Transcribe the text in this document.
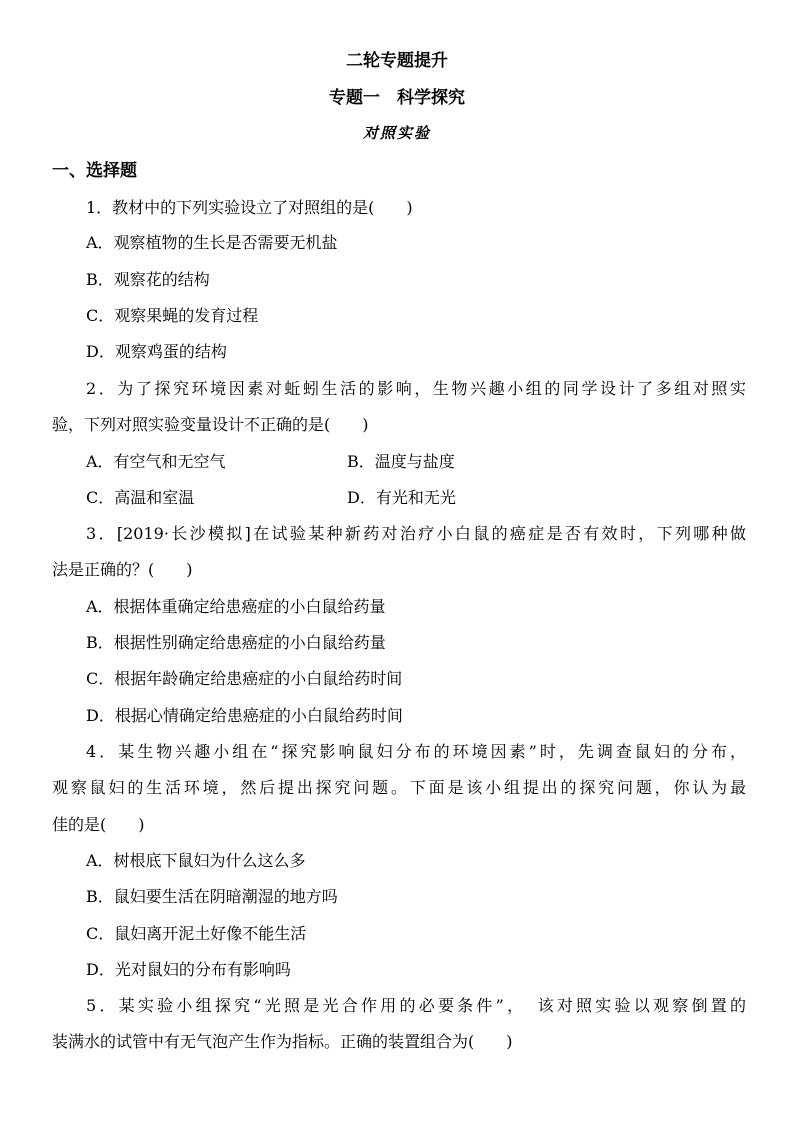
二轮专题提升
专题一　科学探究
对照实验
一、选择题
1．教材中的下列实验设立了对照组的是(　　)
A．观察植物的生长是否需要无机盐
B．观察花的结构
C．观察果蝇的发育过程
D．观察鸡蛋的结构
2．为了探究环境因素对蚯蚓生活的影响，生物兴趣小组的同学设计了多组对照实
验，下列对照实验变量设计不正确的是(　　)
A．有空气和无空气	B．温度与盐度
C．高温和室温	D．有光和无光
3．[2019·长沙模拟]在试验某种新药对治疗小白鼠的癌症是否有效时，下列哪种做
法是正确的？(　　)
A．根据体重确定给患癌症的小白鼠给药量
B．根据性别确定给患癌症的小白鼠给药量
C．根据年龄确定给患癌症的小白鼠给药时间
D．根据心情确定给患癌症的小白鼠给药时间
4．某生物兴趣小组在“探究影响鼠妇分布的环境因素”时，先调查鼠妇的分布，
观察鼠妇的生活环境，然后提出探究问题。下面是该小组提出的探究问题，你认为最
佳的是(　　)
A．树根底下鼠妇为什么这么多
B．鼠妇要生活在阴暗潮湿的地方吗
C．鼠妇离开泥土好像不能生活
D．光对鼠妇的分布有影响吗
5．某实验小组探究“光照是光合作用的必要条件”，　该对照实验以观察倒置的
装满水的试管中有无气泡产生作为指标。正确的装置组合为(　　)
